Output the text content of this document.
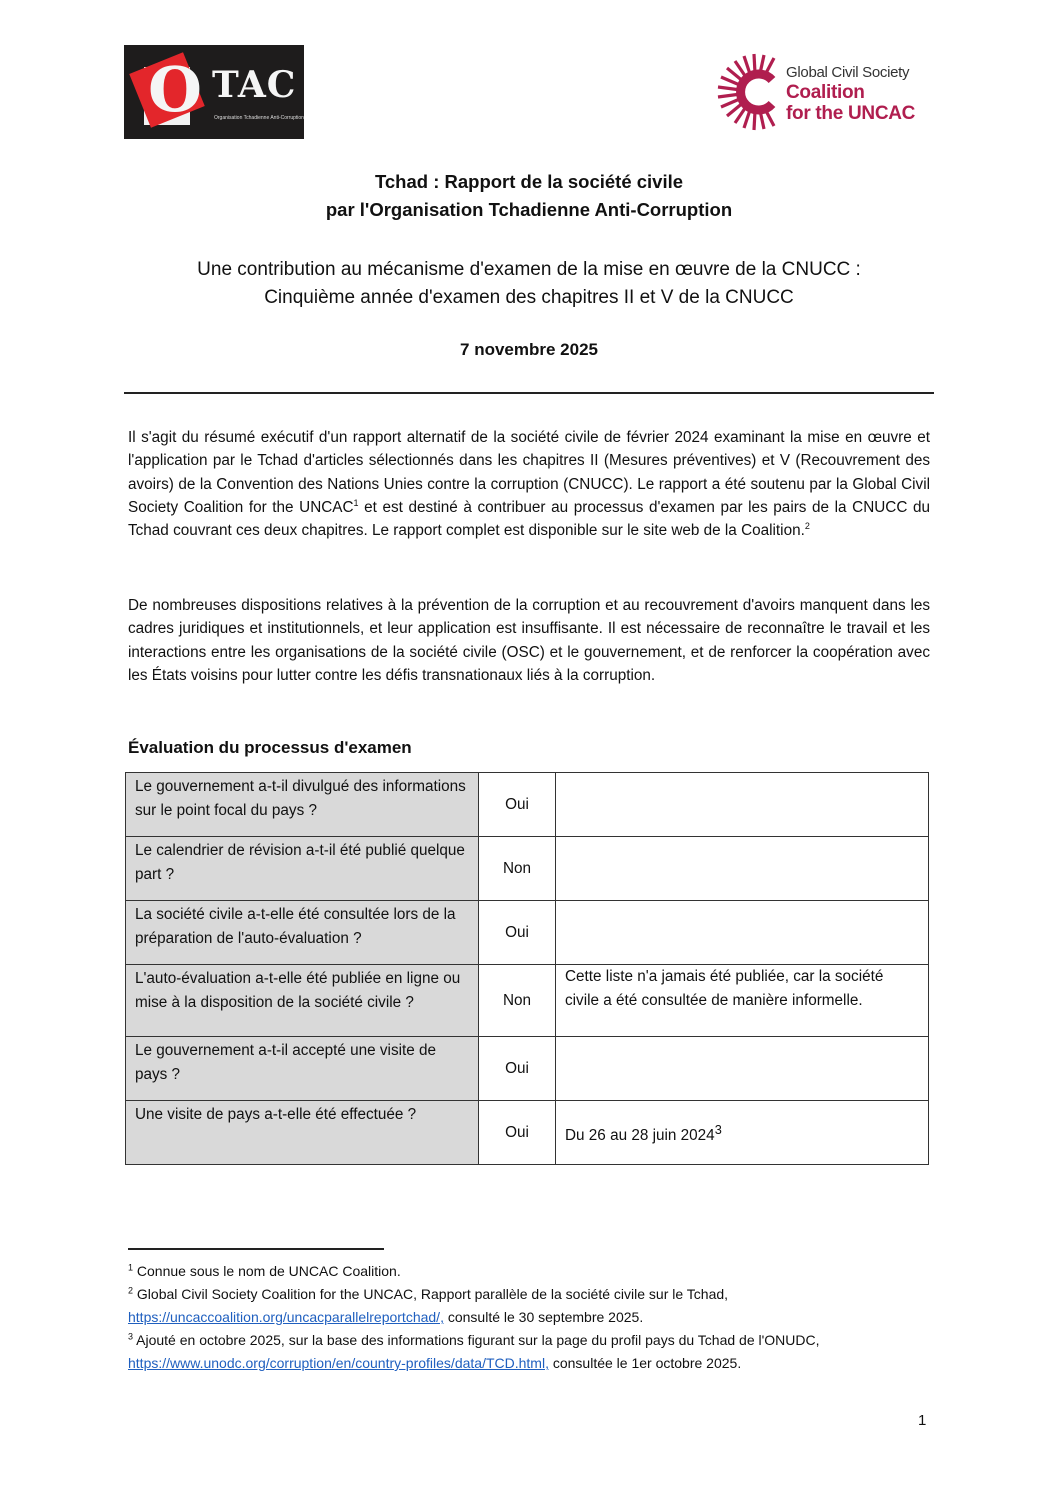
O TAC
Organisation Tchadienne Anti-Corruption
Global Civil Society
Coalition
for the UNCAC
Tchad : Rapport de la société civile
par l'Organisation Tchadienne Anti-Corruption
Une contribution au mécanisme d'examen de la mise en œuvre de la CNUCC :
Cinquième année d'examen des chapitres II et V de la CNUCC
7 novembre 2025
Il s'agit du résumé exécutif d'un rapport alternatif de la société civile de février 2024 examinant la mise en œuvre et l'application par le Tchad d'articles sélectionnés dans les chapitres II (Mesures préventives) et V (Recouvrement des avoirs) de la Convention des Nations Unies contre la corruption (CNUCC). Le rapport a été soutenu par la Global Civil Society Coalition for the UNCAC$^1$ et est destiné à contribuer au processus d'examen par les pairs de la CNUCC du Tchad couvrant ces deux chapitres. Le rapport complet est disponible sur le site web de la Coalition.$^2$
De nombreuses dispositions relatives à la prévention de la corruption et au recouvrement d'avoirs manquent dans les cadres juridiques et institutionnels, et leur application est insuffisante. Il est nécessaire de reconnaître le travail et les interactions entre les organisations de la société civile (OSC) et le gouvernement, et de renforcer la coopération avec les États voisins pour lutter contre les défis transnationaux liés à la corruption.
Évaluation du processus d'examen
Le gouvernement a-t-il divulgué des informations sur le point focal du pays ?	Oui	
Le calendrier de révision a-t-il été publié quelque part ?	Non	
La société civile a-t-elle été consultée lors de la préparation de l'auto-évaluation ?	Oui	
L'auto-évaluation a-t-elle été publiée en ligne ou mise à la disposition de la société civile ?	Non	Cette liste n'a jamais été publiée, car la société civile a été consultée de manière informelle.
Le gouvernement a-t-il accepté une visite de pays ?	Oui	
Une visite de pays a-t-elle été effectuée ?	Oui	Du 26 au 28 juin 2024$^3$
$^1$ Connue sous le nom de UNCAC Coalition.
$^2$ Global Civil Society Coalition for the UNCAC, Rapport parallèle de la société civile sur le Tchad,
https://uncaccoalition.org/uncacparallelreportchad/, consulté le 30 septembre 2025.
$^3$ Ajouté en octobre 2025, sur la base des informations figurant sur la page du profil pays du Tchad de l'ONUDC,
https://www.unodc.org/corruption/en/country-profiles/data/TCD.html, consultée le 1er octobre 2025.
1
